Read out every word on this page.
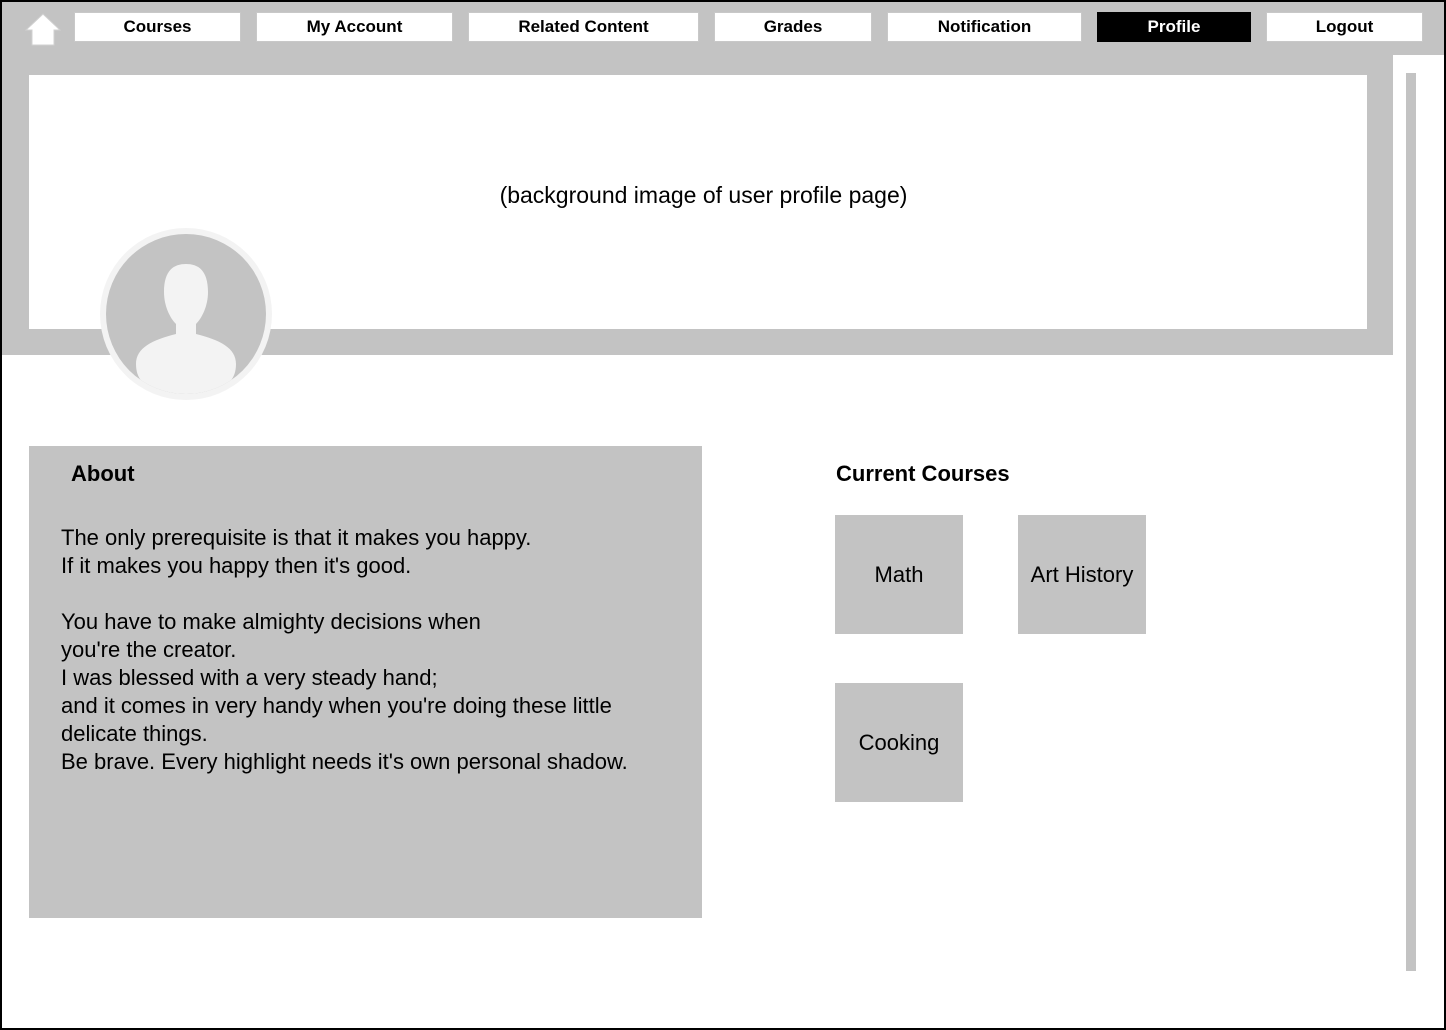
Courses	My Account	Related Content	Grades	Notification	Profile	Logout
(background image of user profile page)
About

The only prerequisite is that it makes you happy.

If it makes you happy then it's good.

You have to make almighty decisions when

you're the creator.

I was blessed with a very steady hand;

and it comes in very handy when you're doing these little

delicate things.

Be brave. Every highlight needs it's own personal shadow.

Current Courses
Math	Art History
Cooking
